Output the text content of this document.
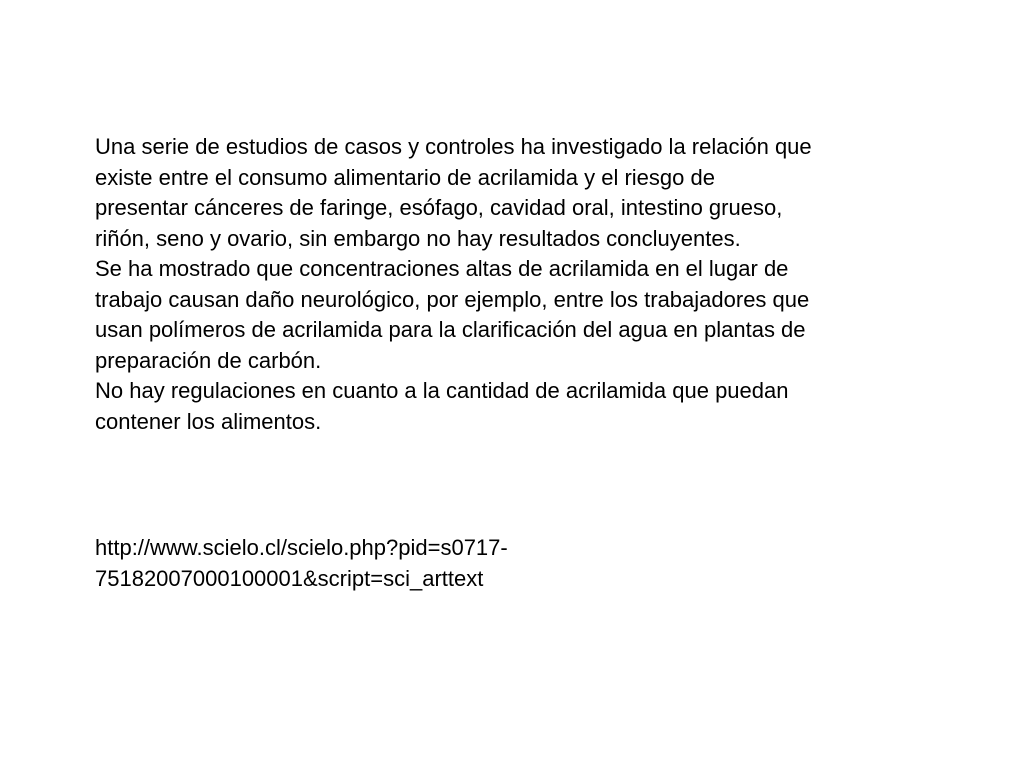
Una serie de estudios de casos y controles ha investigado la relación que
existe entre el consumo alimentario de acrilamida y el riesgo de
presentar cánceres de faringe, esófago, cavidad oral, intestino grueso,
riñón, seno y ovario, sin embargo no hay resultados concluyentes.

Se ha mostrado que concentraciones altas de acrilamida en el lugar de
trabajo causan daño neurológico, por ejemplo, entre los trabajadores que
usan polímeros de acrilamida para la clarificación del agua en plantas de
preparación de carbón.

No hay regulaciones en cuanto a la cantidad de acrilamida que puedan
contener los alimentos.

http://www.scielo.cl/scielo.php?pid=s0717-
75182007000100001&script=sci_arttext
